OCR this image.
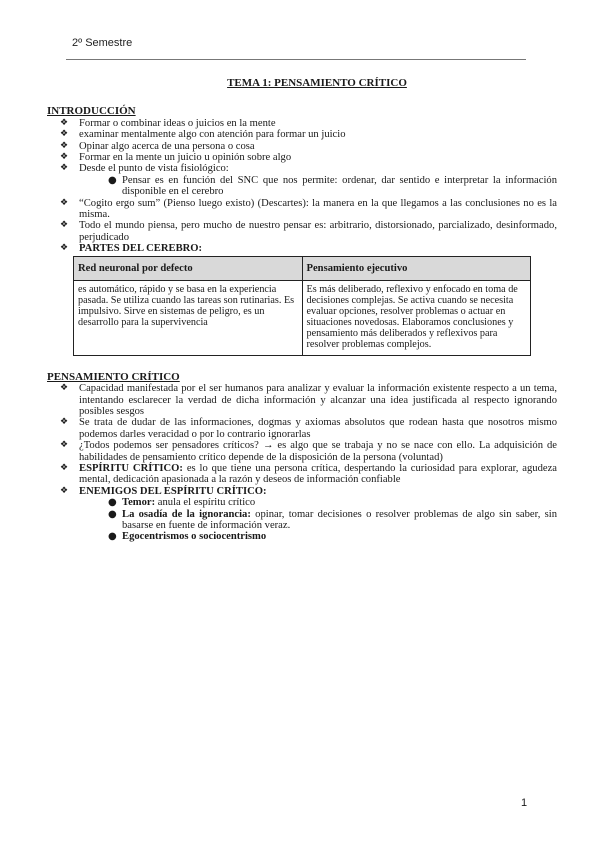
2º Semestre
TEMA 1: PENSAMIENTO CRÍTICO
INTRODUCCIÓN
❖ Formar o combinar ideas o juicios en la mente
❖ examinar mentalmente algo con atención para formar un juicio
❖ Opinar algo acerca de una persona o cosa
❖ Formar en la mente un juicio u opinión sobre algo
❖ Desde el punto de vista fisiológico:
● Pensar es en función del SNC que nos permite: ordenar, dar sentido e interpretar la información disponible en el cerebro
❖ “Cogito ergo sum” (Pienso luego existo) (Descartes): la manera en la que llegamos a las conclusiones no es la misma.
❖ Todo el mundo piensa, pero mucho de nuestro pensar es: arbitrario, distorsionado, parcializado, desinformado, perjudicado
❖ PARTES DEL CEREBRO:
Red neuronal por defecto	Pensamiento ejecutivo
es automático, rápido y se basa en la experiencia pasada. Se utiliza cuando las tareas son rutinarias. Es impulsivo. Sirve en sistemas de peligro, es un desarrollo para la supervivencia	Es más deliberado, reflexivo y enfocado en toma de decisiones complejas. Se activa cuando se necesita evaluar opciones, resolver problemas o actuar en situaciones novedosas. Elaboramos conclusiones y pensamiento más deliberados y reflexivos para resolver problemas complejos.
PENSAMIENTO CRÍTICO
❖ Capacidad manifestada por el ser humanos para analizar y evaluar la información existente respecto a un tema, intentando esclarecer la verdad de dicha información y alcanzar una idea justificada al respecto ignorando posibles sesgos
❖ Se trata de dudar de las informaciones, dogmas y axiomas absolutos que rodean hasta que nosotros mismo podemos darles veracidad o por lo contrario ignorarlas
❖ ¿Todos podemos ser pensadores críticos? → es algo que se trabaja y no se nace con ello. La adquisición de habilidades de pensamiento crítico depende de la disposición de la persona (voluntad)
❖ ESPÍRITU CRÍTICO: es lo que tiene una persona crítica, despertando la curiosidad para explorar, agudeza mental, dedicación apasionada a la razón y deseos de información confiable
❖ ENEMIGOS DEL ESPÍRITU CRÍTICO:
● Temor: anula el espíritu crítico
● La osadía de la ignorancia: opinar, tomar decisiones o resolver problemas de algo sin saber, sin basarse en fuente de información veraz.
● Egocentrismos o sociocentrismo
1
